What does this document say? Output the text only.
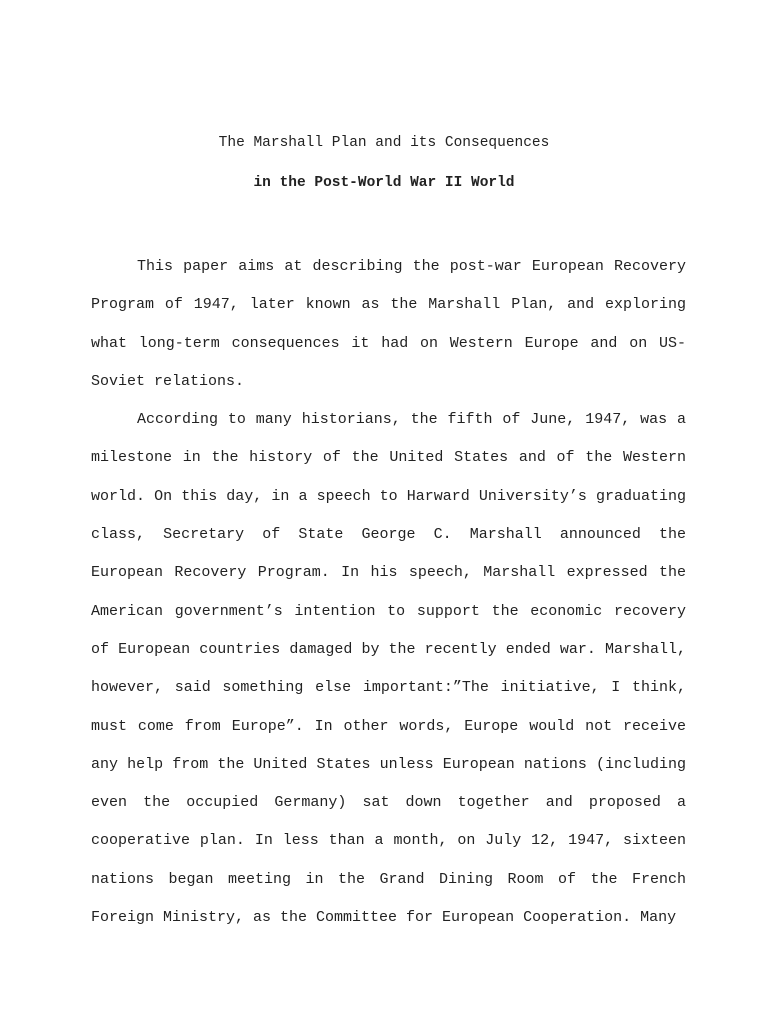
The Marshall Plan and its Consequences
in the Post-World War II World

This paper aims at describing the post-war European Recovery Program of 1947, later known as the Marshall Plan, and exploring what long-term consequences it had on Western Europe and on US-Soviet relations.

According to many historians, the fifth of June, 1947, was a milestone in the history of the United States and of the Western world. On this day, in a speech to Harward University’s graduating class, Secretary of State George C. Marshall announced the European Recovery Program. In his speech, Marshall expressed the American government’s intention to support the economic recovery of European countries damaged by the recently ended war. Marshall, however, said something else important:”The initiative, I think, must come from Europe”. In other words, Europe would not receive any help from the United States unless European nations (including even the occupied Germany) sat down together and proposed a cooperative plan. In less than a month, on July 12, 1947, sixteen nations began meeting in the Grand Dining Room of the French Foreign Ministry, as the Committee for European Cooperation. Many
